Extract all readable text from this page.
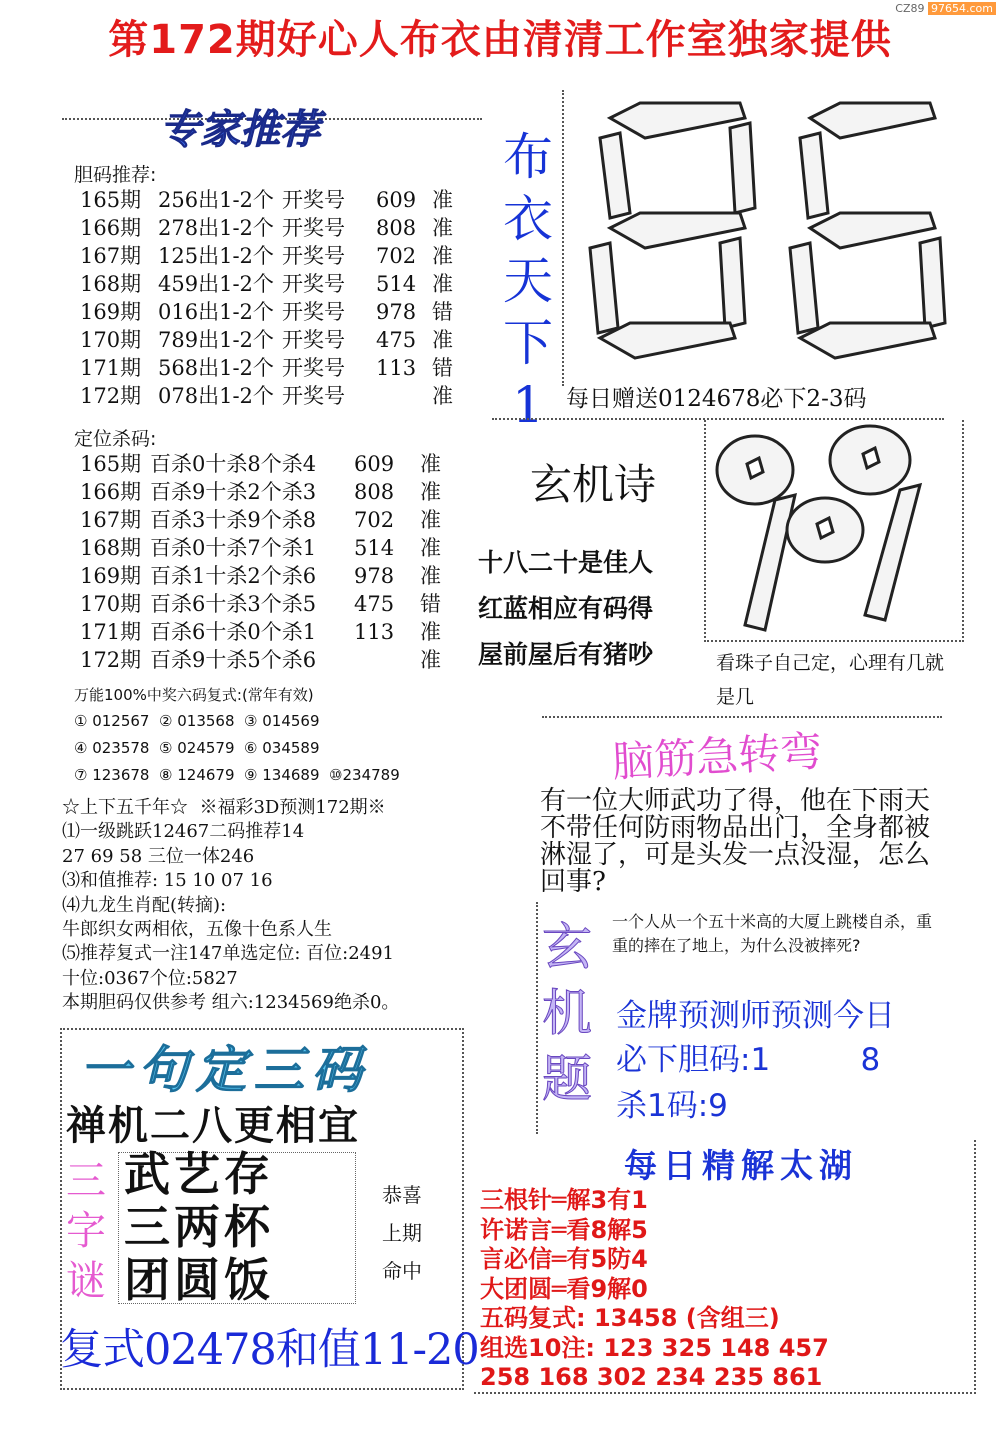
第172期好心人布衣由清清工作室独家提供
CZ89 97654.com
专家推荐
胆码推荐:
165期 256出1-2个 开奖号	609 准
166期 278出1-2个 开奖号	808 准
167期 125出1-2个 开奖号	702 准
168期 459出1-2个 开奖号	514 准
169期 016出1-2个 开奖号	978 错
170期 789出1-2个 开奖号	475 准
171期 568出1-2个 开奖号	113 错
172期 078出1-2个 开奖号	准
定位杀码:
165期 百杀0十杀8个杀4	609	准
166期 百杀9十杀2个杀3	808	准
167期 百杀3十杀9个杀8	702	准
168期 百杀0十杀7个杀1	514	准
169期 百杀1十杀2个杀6	978	准
170期 百杀6十杀3个杀5	475	错
171期 百杀6十杀0个杀1	113	准
172期 百杀9十杀5个杀6	准
万能100%中奖六码复式:(常年有效)
① 012567  ② 013568  ③ 014569
④ 023578  ⑤ 024579  ⑥ 034589
⑦ 123678  ⑧ 124679  ⑨ 134689  ⑩234789
☆上下五千年☆  ※福彩3D预测172期※
⑴一级跳跃12467二码推荐14
27 69 58 三位一体246
⑶和值推荐: 15 10 07 16
⑷九龙生肖配(转摘):
牛郎织女两相依，五像十色系人生
⑸推荐复式一注147单选定位: 百位:2491
十位:0367个位:5827
本期胆码仅供参考 组六:1234569绝杀0。
一句定三码
禅机二八更相宜
三字谜
武艺存
三两杯
团圆饭
恭喜
上期
命中
复式02478和值11-20
布衣天下1 每日赠送0124678必下2-3码
玄机诗
十八二十是佳人
红蓝相应有码得
屋前屋后有猪吵	看珠子自己定，心理有几就是几
脑筋急转弯
有一位大师武功了得，他在下雨天不带任何防雨物品出门，全身都被淋湿了，可是头发一点没湿，怎么回事?
玄机题
一个人从一个五十米高的大厦上跳楼自杀，重重的摔在了地上，为什么没被摔死?
金牌预测师预测今日
必下胆码:1	8
杀1码:9
每日精解太湖
三根针═解3有1
许诺言═看8解5
言必信═有5防4
大团圆═看9解0
五码复式: 13458 (含组三)
组选10注: 123 325 148 457
258 168 302 234 235 861
